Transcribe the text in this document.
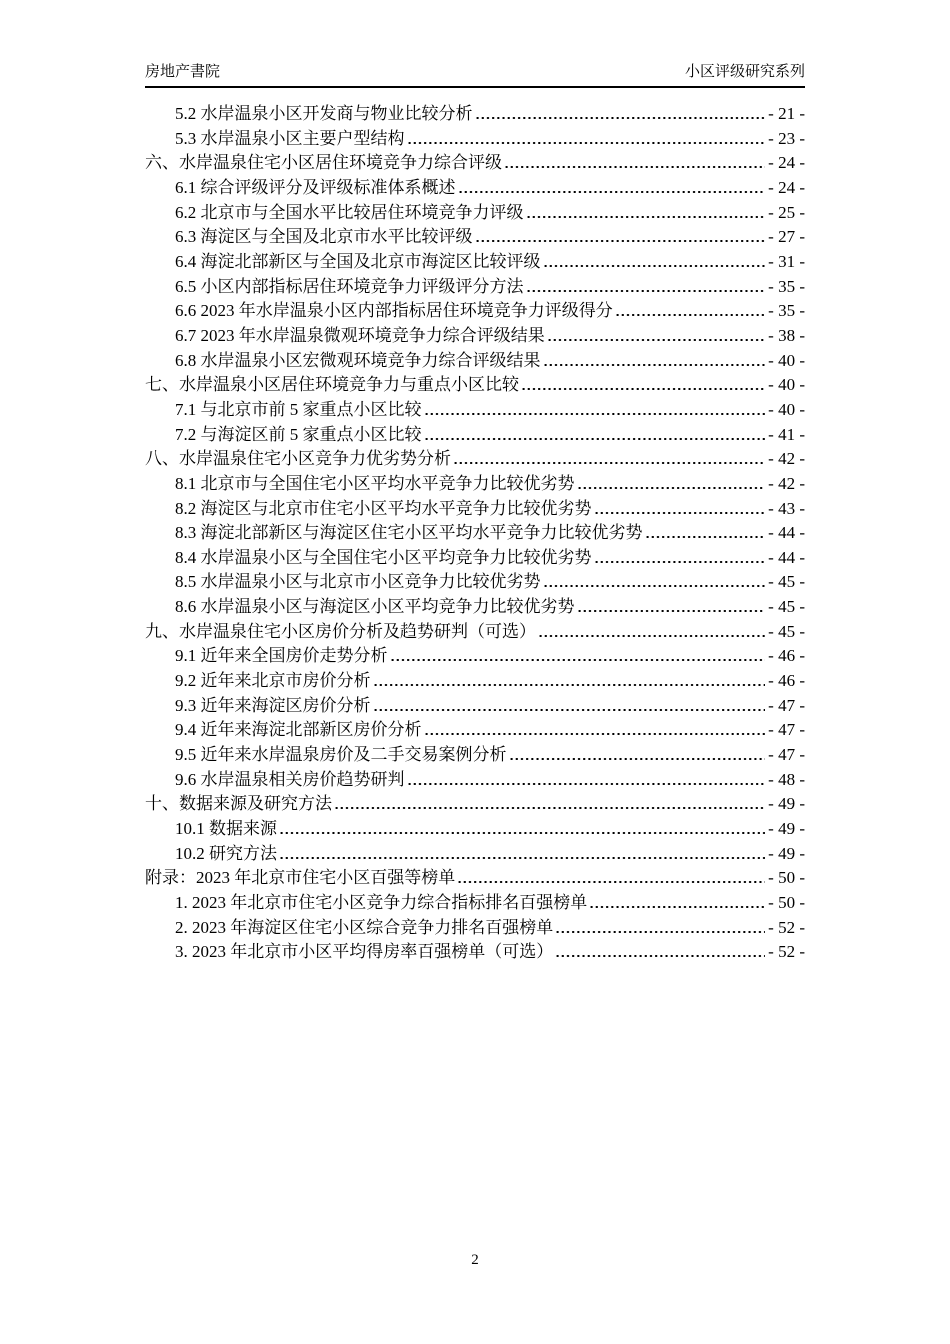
房地产書院	小区评级研究系列
5.2 水岸温泉小区开发商与物业比较分析	- 21 -
5.3 水岸温泉小区主要户型结构	- 23 -
六、水岸温泉住宅小区居住环境竞争力综合评级	- 24 -
6.1 综合评级评分及评级标准体系概述	- 24 -
6.2 北京市与全国水平比较居住环境竞争力评级	- 25 -
6.3 海淀区与全国及北京市水平比较评级	- 27 -
6.4 海淀北部新区与全国及北京市海淀区比较评级	- 31 -
6.5 小区内部指标居住环境竞争力评级评分方法	- 35 -
6.6 2023 年水岸温泉小区内部指标居住环境竞争力评级得分	- 35 -
6.7 2023 年水岸温泉微观环境竞争力综合评级结果	- 38 -
6.8 水岸温泉小区宏微观环境竞争力综合评级结果	- 40 -
七、水岸温泉小区居住环境竞争力与重点小区比较	- 40 -
7.1 与北京市前 5 家重点小区比较	- 40 -
7.2 与海淀区前 5 家重点小区比较	- 41 -
八、水岸温泉住宅小区竞争力优劣势分析	- 42 -
8.1 北京市与全国住宅小区平均水平竞争力比较优劣势	- 42 -
8.2 海淀区与北京市住宅小区平均水平竞争力比较优劣势	- 43 -
8.3 海淀北部新区与海淀区住宅小区平均水平竞争力比较优劣势	- 44 -
8.4 水岸温泉小区与全国住宅小区平均竞争力比较优劣势	- 44 -
8.5 水岸温泉小区与北京市小区竞争力比较优劣势	- 45 -
8.6 水岸温泉小区与海淀区小区平均竞争力比较优劣势	- 45 -
九、水岸温泉住宅小区房价分析及趋势研判（可选）	- 45 -
9.1 近年来全国房价走势分析	- 46 -
9.2 近年来北京市房价分析	- 46 -
9.3 近年来海淀区房价分析	- 47 -
9.4 近年来海淀北部新区房价分析	- 47 -
9.5 近年来水岸温泉房价及二手交易案例分析	- 47 -
9.6 水岸温泉相关房价趋势研判	- 48 -
十、数据来源及研究方法	- 49 -
10.1 数据来源	- 49 -
10.2 研究方法	- 49 -
附录：2023 年北京市住宅小区百强等榜单	- 50 -
1. 2023 年北京市住宅小区竞争力综合指标排名百强榜单	- 50 -
2. 2023 年海淀区住宅小区综合竞争力排名百强榜单	- 52 -
3. 2023 年北京市小区平均得房率百强榜单（可选）	- 52 -
2
